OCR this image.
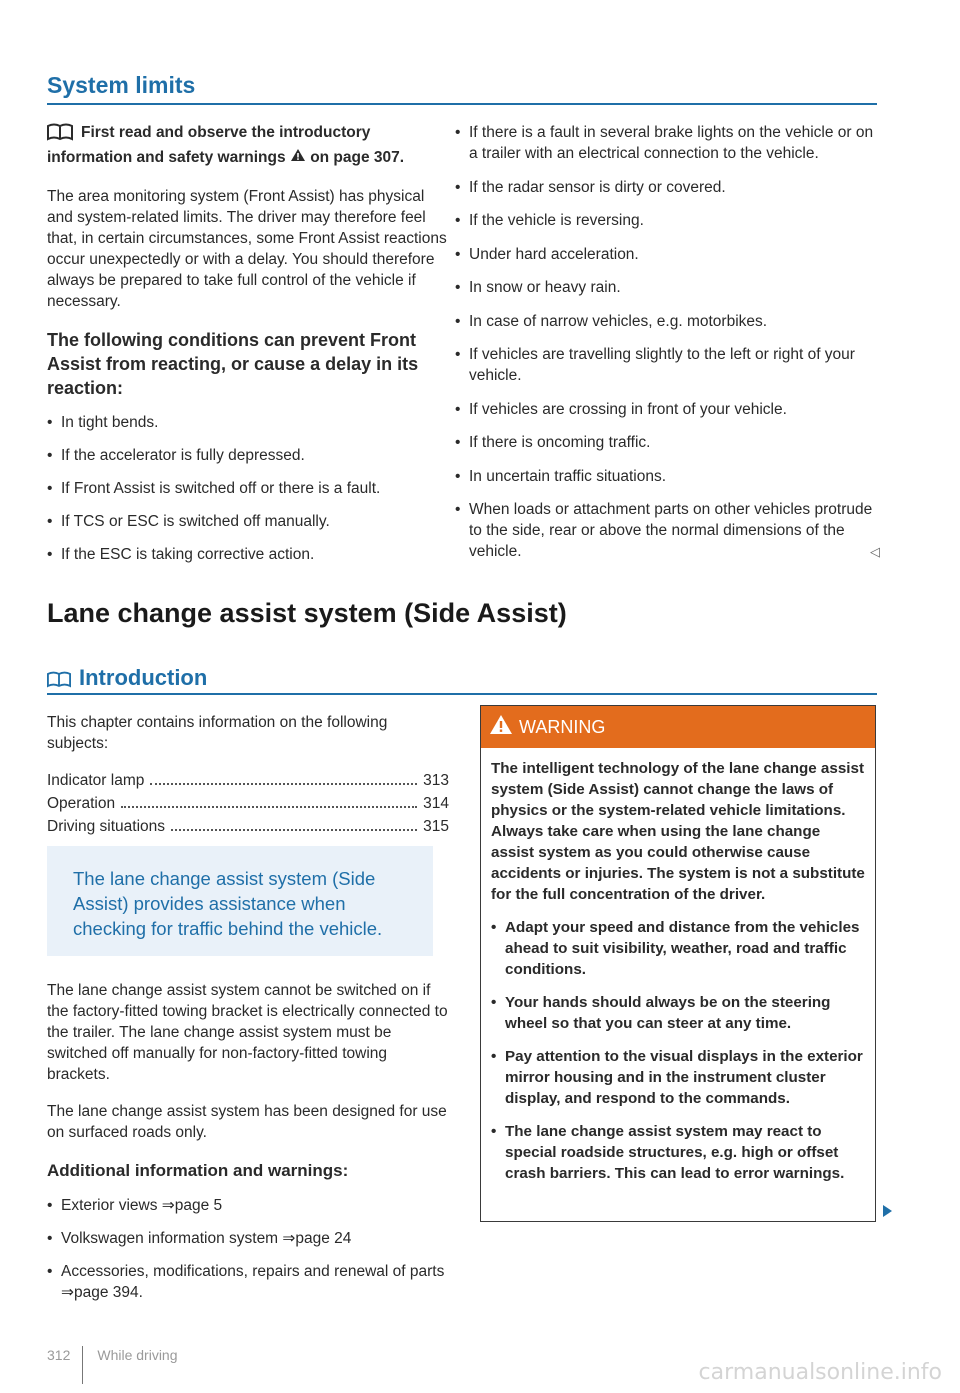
System limits
First read and observe the introductory information and safety warnings on page 307.

The area monitoring system (Front Assist) has physical and system-related limits. The driver may therefore feel that, in certain circumstances, some Front Assist reactions occur unexpectedly or with a delay. You should therefore always be prepared to take full control of the vehicle if necessary.

The following conditions can prevent Front Assist from reacting, or cause a delay in its reaction:
• In tight bends.
• If the accelerator is fully depressed.
• If Front Assist is switched off or there is a fault.
• If TCS or ESC is switched off manually.
• If the ESC is taking corrective action.
• If there is a fault in several brake lights on the vehicle or on a trailer with an electrical connection to the vehicle.
• If the radar sensor is dirty or covered.
• If the vehicle is reversing.
• Under hard acceleration.
• In snow or heavy rain.
• In case of narrow vehicles, e.g. motorbikes.
• If vehicles are travelling slightly to the left or right of your vehicle.
• If vehicles are crossing in front of your vehicle.
• If there is oncoming traffic.
• In uncertain traffic situations.
• When loads or attachment parts on other vehicles protrude to the side, rear or above the normal dimensions of the vehicle.	◁
Lane change assist system (Side Assist)
Introduction

This chapter contains information on the following subjects:

Indicator lamp	313
Operation	314
Driving situations	315
The lane change assist system (Side Assist) provides assistance when checking for traffic behind the vehicle.

The lane change assist system cannot be switched on if the factory-fitted towing bracket is electrically connected to the trailer. The lane change assist system must be switched off manually for non-factory-fitted towing brackets.

The lane change assist system has been designed for use on surfaced roads only.

Additional information and warnings:
• Exterior views ⇒page 5
• Volkswagen information system ⇒page 24
• Accessories, modifications, repairs and renewal of parts ⇒page 394.
WARNING

The intelligent technology of the lane change assist system (Side Assist) cannot change the laws of physics or the system-related vehicle limitations. Always take care when using the lane change assist system as you could otherwise cause accidents or injuries. The system is not a substitute for the full concentration of the driver.

• Adapt your speed and distance from the vehicles ahead to suit visibility, weather, road and traffic conditions.
• Your hands should always be on the steering wheel so that you can steer at any time.
• Pay attention to the visual displays in the exterior mirror housing and in the instrument cluster display, and respond to the commands.
• The lane change assist system may react to special roadside structures, e.g. high or offset crash barriers. This can lead to error warnings.
312 While driving
carmanualsonline.info
